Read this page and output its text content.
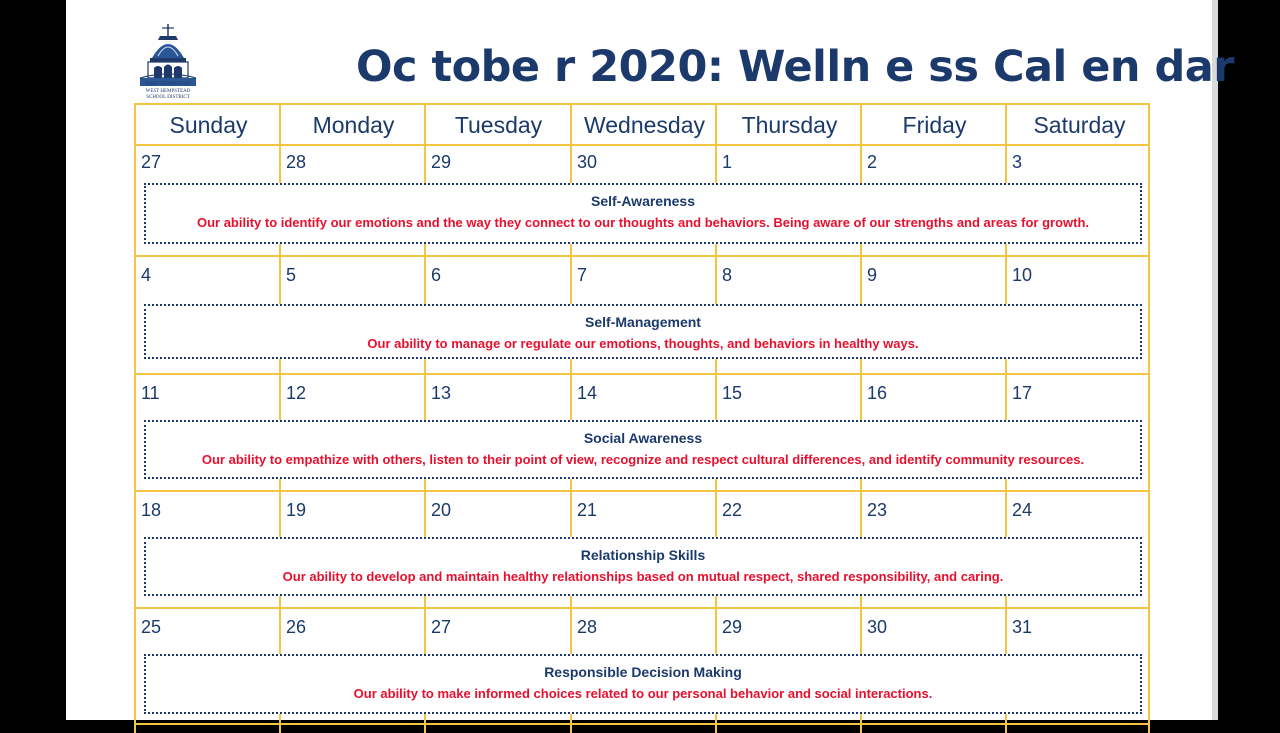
WEST HEMPSTEAD
WEST HEMPSTEAD
SCHOOL DISTRICT
Oc tobe r 2020: Welln e ss Cal en dar
Sunday	Monday	Tuesday	Wednesday	Thursday	Friday	Saturday
27	28	29	30	1	2	3
Self-Awareness
Our ability to identify our emotions and the way they connect to our thoughts and behaviors. Being aware of our strengths and areas for growth.
4	5	6	7	8	9	10
Self-Management
Our ability to manage or regulate our emotions, thoughts, and behaviors in healthy ways.
11	12	13	14	15	16	17
Social Awareness
Our ability to empathize with others, listen to their point of view, recognize and respect cultural differences, and identify community resources.
18	19	20	21	22	23	24
Relationship Skills
Our ability to develop and maintain healthy relationships based on mutual respect, shared responsibility, and caring.
25	26	27	28	29	30	31
Responsible Decision Making
Our ability to make informed choices related to our personal behavior and social interactions.
